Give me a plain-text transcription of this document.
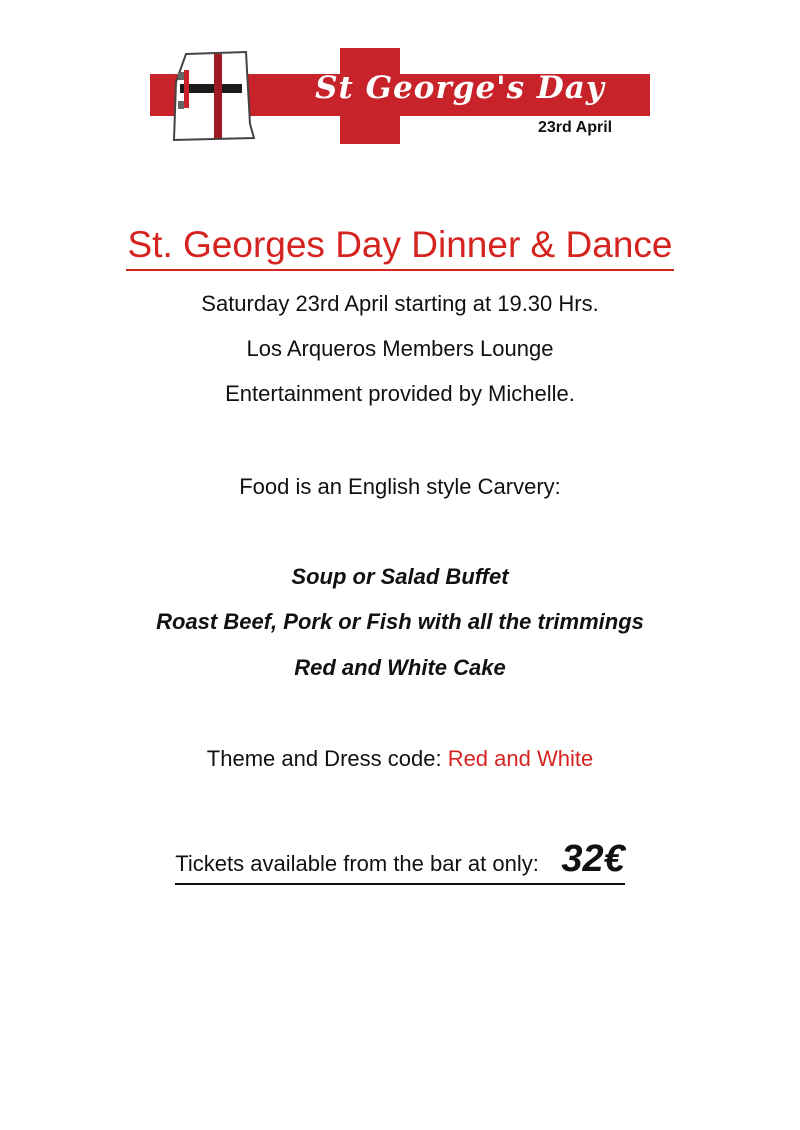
St George's Day
23rd April
St. Georges Day Dinner & Dance
Saturday 23rd April starting at 19.30 Hrs.
Los Arqueros Members Lounge
Entertainment provided by Michelle.
Food is an English style Carvery:
Soup or Salad Buffet
Roast Beef, Pork or Fish with all the trimmings
Red and White Cake
Theme and Dress code: Red and White
Tickets available from the bar at only: 32€
